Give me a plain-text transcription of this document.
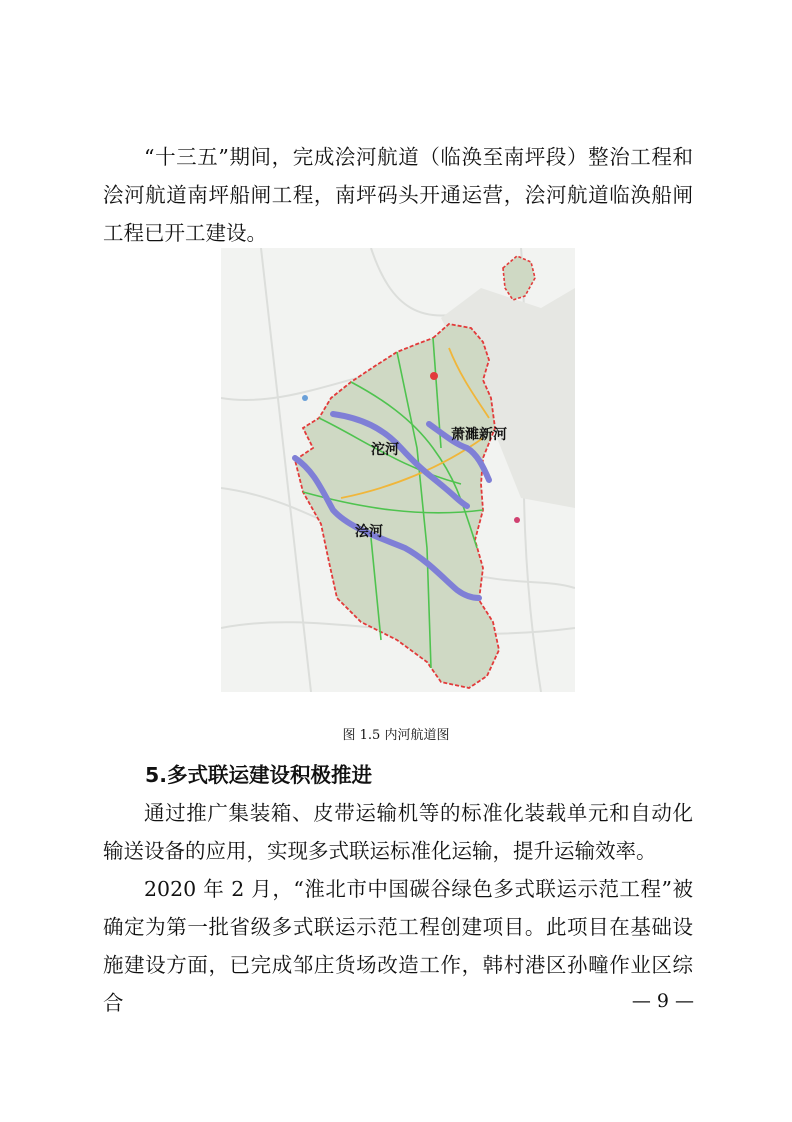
“十三五”期间，完成浍河航道（临涣至南坪段）整治工程和浍河航道南坪船闸工程，南坪码头开通运营，浍河航道临涣船闸工程已开工建设。

沱河
萧濉新河
浍河
图 1.5 内河航道图
5.多式联运建设积极推进

通过推广集装箱、皮带运输机等的标准化装载单元和自动化输送设备的应用，实现多式联运标准化运输，提升运输效率。

2020 年 2 月，“淮北市中国碳谷绿色多式联运示范工程”被确定为第一批省级多式联运示范工程创建项目。此项目在基础设施建设方面，已完成邹庄货场改造工作，韩村港区孙疃作业区综合	— 9 —
